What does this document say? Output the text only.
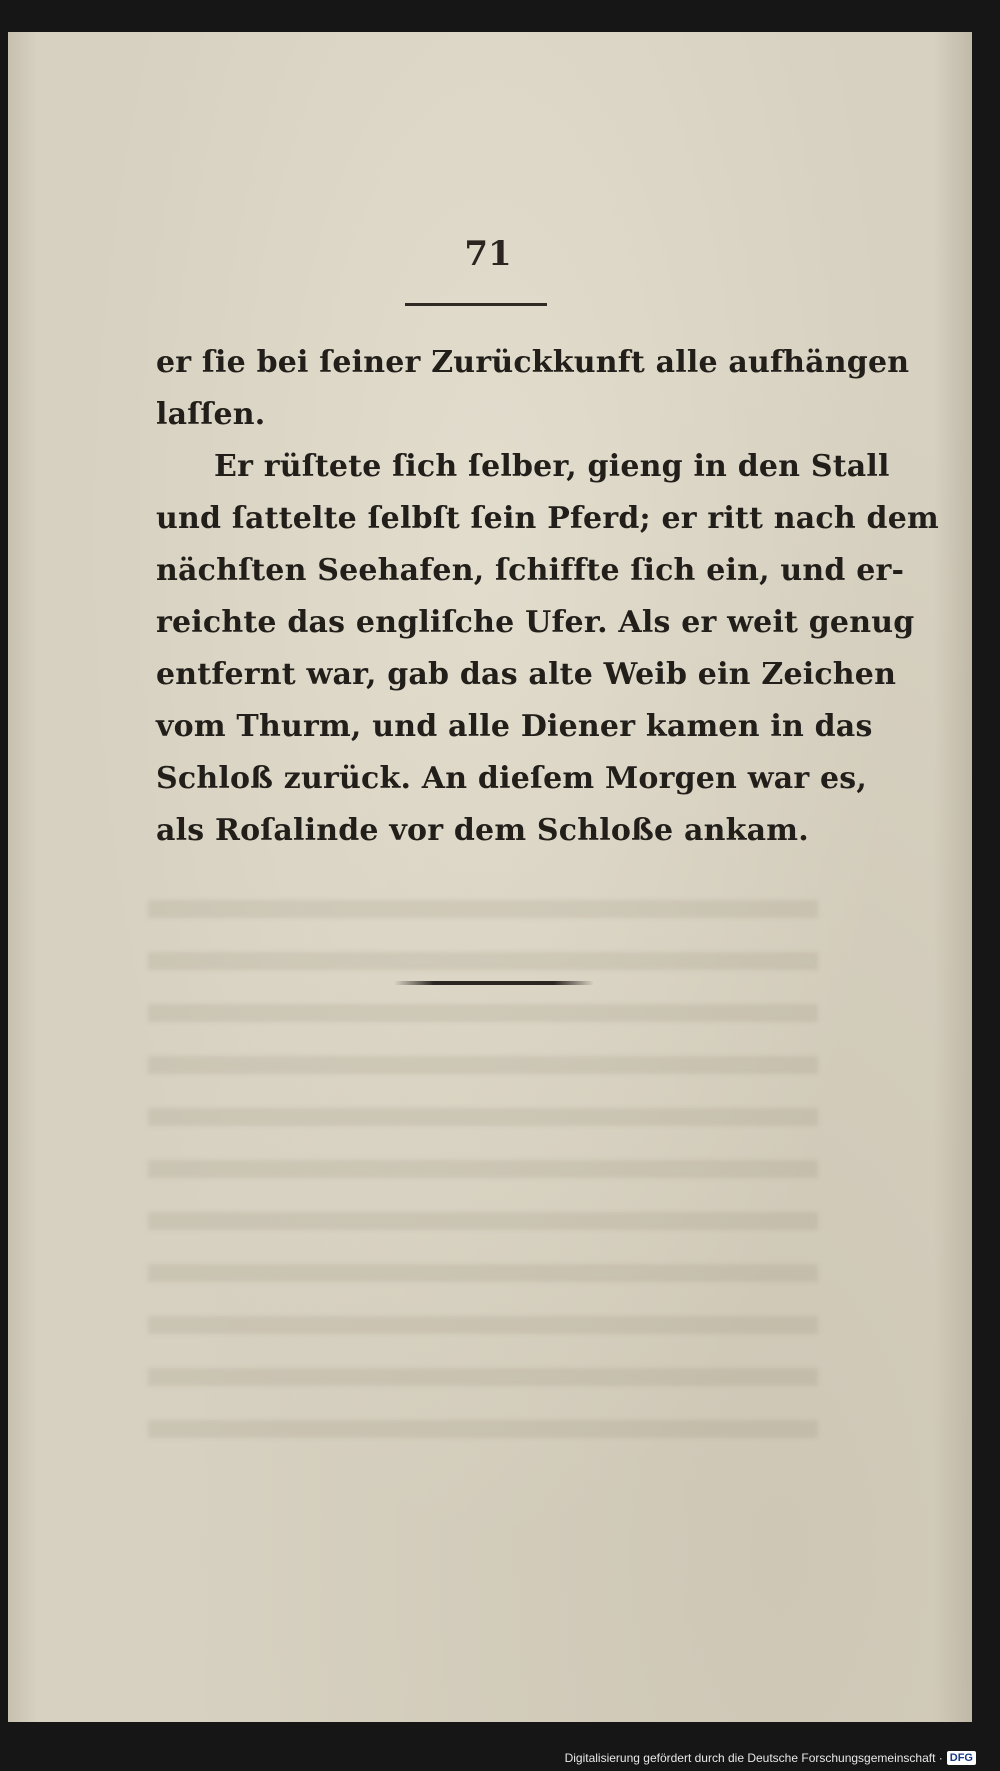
71
er ſie bei ſeiner Zurückkunft alle aufhängen
laſſen.
Er rüſtete ſich ſelber, gieng in den Stall
und ſattelte ſelbſt ſein Pferd; er ritt nach dem
nächſten Seehafen, ſchiffte ſich ein, und er-
reichte das engliſche Ufer. Als er weit genug
entfernt war, gab das alte Weib ein Zeichen
vom Thurm, und alle Diener kamen in das
Schloß zurück. An dieſem Morgen war es,
als Roſalinde vor dem Schloße ankam.
Digitalisierung gefördert durch die Deutsche Forschungsgemeinschaft · DFG
